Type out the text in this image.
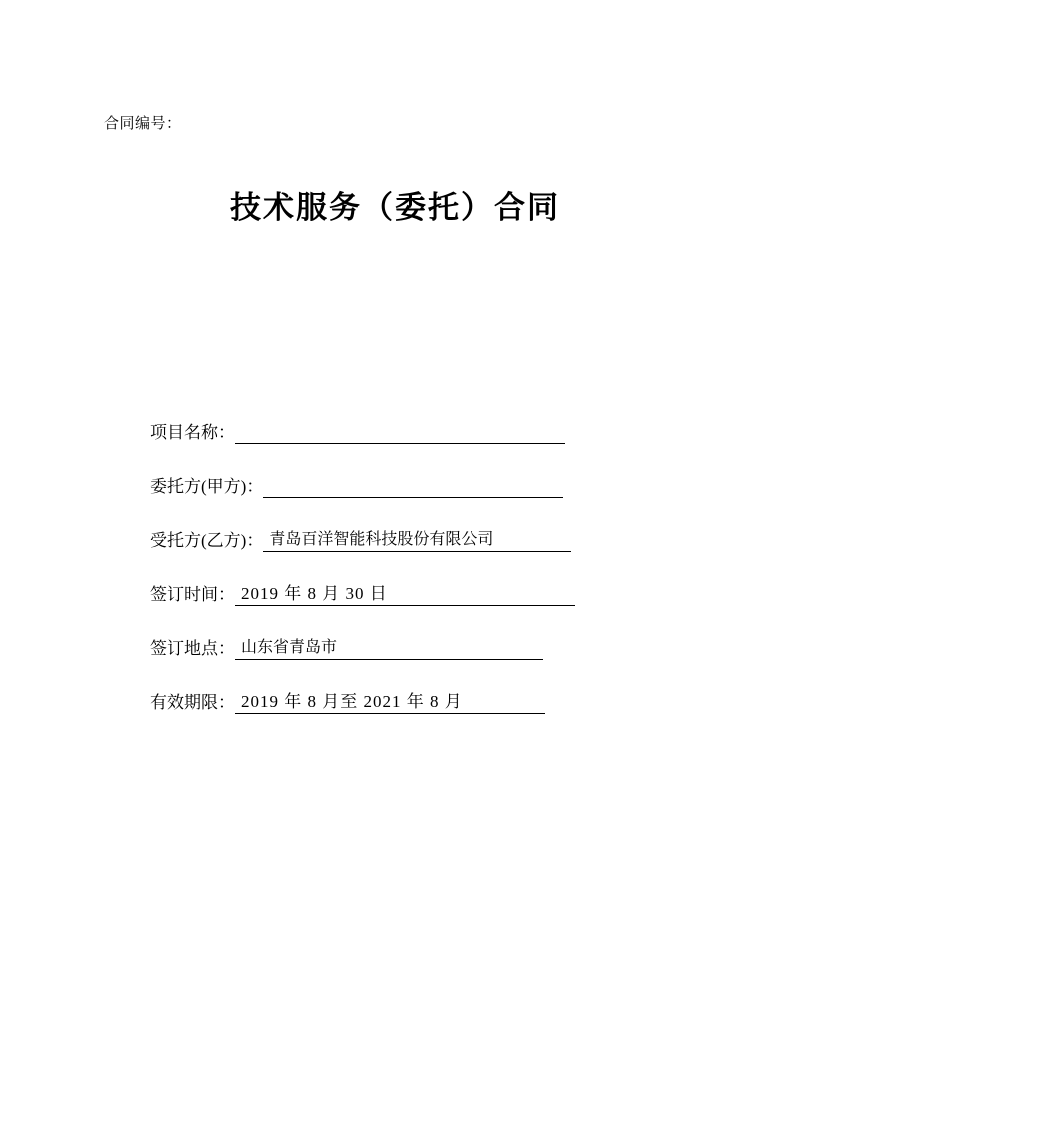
合同编号：
技术服务（委托）合同
项目名称：
委托方(甲方)：
受托方(乙方)： 青岛百洋智能科技股份有限公司
签订时间： 2019 年 8 月 30 日
签订地点： 山东省青岛市
有效期限： 2019 年 8 月至 2021 年 8 月
